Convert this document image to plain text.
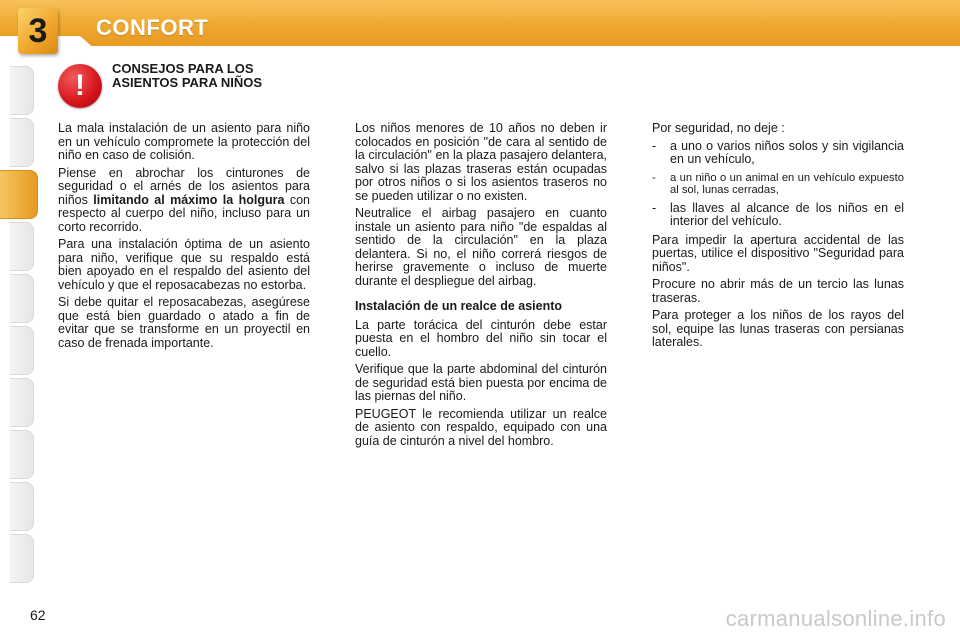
3	CONFORT
!
CONSEJOS PARA LOS ASIENTOS PARA NIÑOS

La mala instalación de un asiento para niño en un vehículo compromete la protección del niño en caso de colisión.

Piense en abrochar los cinturones de seguridad o el arnés de los asientos para niños limitando al máximo la holgura con respecto al cuerpo del niño, incluso para un corto recorrido.

Para una instalación óptima de un asiento para niño, verifique que su respaldo está bien apoyado en el respaldo del asiento del vehículo y que el reposacabezas no estorba.

Si debe quitar el reposacabezas, asegúrese que está bien guardado o atado a fin de evitar que se transforme en un proyectil en caso de frenada importante.

Los niños menores de 10 años no deben ir colocados en posición "de cara al sentido de la circulación" en la plaza pasajero delantera, salvo si las plazas traseras están ocupadas por otros niños o si los asientos traseros no se pueden utilizar o no existen.

Neutralice el airbag pasajero en cuanto instale un asiento para niño "de espaldas al sentido de la circulación" en la plaza delantera. Si no, el niño correrá riesgos de herirse gravemente o incluso de muerte durante el despliegue del airbag.

Instalación de un realce de asiento

La parte torácica del cinturón debe estar puesta en el hombro del niño sin tocar el cuello.

Verifique que la parte abdominal del cinturón de seguridad está bien puesta por encima de las piernas del niño.

PEUGEOT le recomienda utilizar un realce de asiento con respaldo, equipado con una guía de cinturón a nivel del hombro.

Por seguridad, no deje :

- a uno o varios niños solos y sin vigilancia en un vehículo,
- a un niño o un animal en un vehículo expuesto al sol, lunas cerradas,
- las llaves al alcance de los niños en el interior del vehículo.

Para impedir la apertura accidental de las puertas, utilice el dispositivo "Seguridad para niños".

Procure no abrir más de un tercio las lunas traseras.

Para proteger a los niños de los rayos del sol, equipe las lunas traseras con persianas laterales.

62	carmanualsonline.info
